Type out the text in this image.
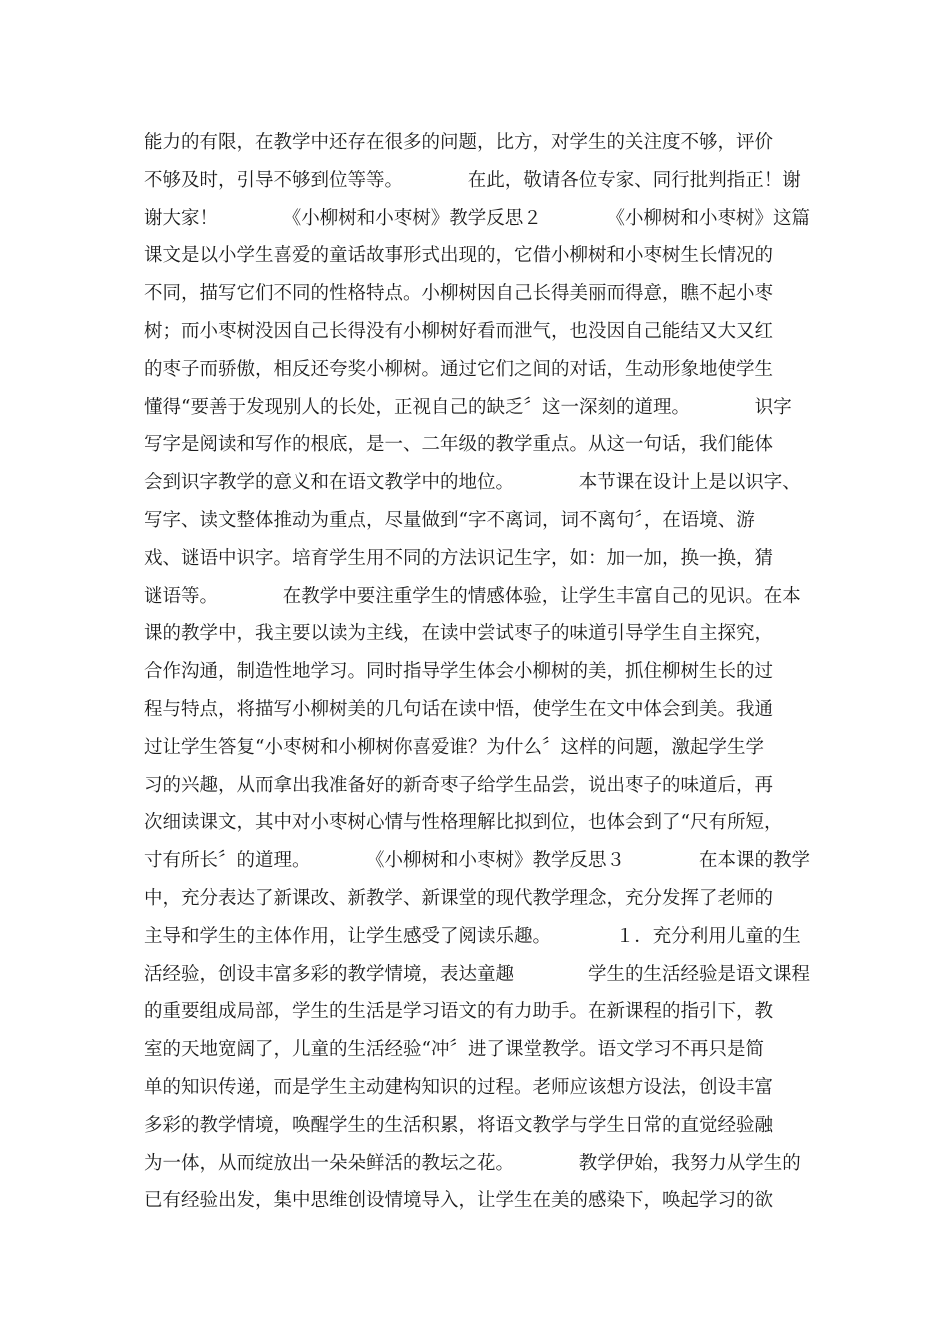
能力的有限，在教学中还存在很多的问题，比方，对学生的关注度不够，评价
不够及时，引导不够到位等等。　　　　在此，敬请各位专家、同行批判指正！谢
谢大家！　　　　《小柳树和小枣树》教学反思２　　　　《小柳树和小枣树》这篇
课文是以小学生喜爱的童话故事形式出现的，它借小柳树和小枣树生长情况的
不同，描写它们不同的性格特点。小柳树因自己长得美丽而得意，瞧不起小枣
树；而小枣树没因自己长得没有小柳树好看而泄气，也没因自己能结又大又红
的枣子而骄傲，相反还夸奖小柳树。通过它们之间的对话，生动形象地使学生
懂得“要善于发现别人的长处，正视自己的缺乏〞这一深刻的道理。　　　　识字
写字是阅读和写作的根底，是一、二年级的教学重点。从这一句话，我们能体
会到识字教学的意义和在语文教学中的地位。　　　　本节课在设计上是以识字、
写字、读文整体推动为重点，尽量做到“字不离词，词不离句〞，在语境、游
戏、谜语中识字。培育学生用不同的方法识记生字，如：加一加，换一换，猜
谜语等。　　　　在教学中要注重学生的情感体验，让学生丰富自己的见识。在本
课的教学中，我主要以读为主线，在读中尝试枣子的味道引导学生自主探究，
合作沟通，制造性地学习。同时指导学生体会小柳树的美，抓住柳树生长的过
程与特点，将描写小柳树美的几句话在读中悟，使学生在文中体会到美。我通
过让学生答复“小枣树和小柳树你喜爱谁？为什么〞这样的问题，激起学生学
习的兴趣，从而拿出我准备好的新奇枣子给学生品尝，说出枣子的味道后，再
次细读课文，其中对小枣树心情与性格理解比拟到位，也体会到了“尺有所短，
寸有所长〞的道理。　　　　《小柳树和小枣树》教学反思３　　　　在本课的教学
中，充分表达了新课改、新教学、新课堂的现代教学理念，充分发挥了老师的
主导和学生的主体作用，让学生感受了阅读乐趣。　　　　１．充分利用儿童的生
活经验，创设丰富多彩的教学情境，表达童趣　　　　学生的生活经验是语文课程
的重要组成局部，学生的生活是学习语文的有力助手。在新课程的指引下，教
室的天地宽阔了，儿童的生活经验“冲〞进了课堂教学。语文学习不再只是简
单的知识传递，而是学生主动建构知识的过程。老师应该想方设法，创设丰富
多彩的教学情境，唤醒学生的生活积累，将语文教学与学生日常的直觉经验融
为一体，从而绽放出一朵朵鲜活的教坛之花。　　　　教学伊始，我努力从学生的
已有经验出发，集中思维创设情境导入，让学生在美的感染下，唤起学习的欲
